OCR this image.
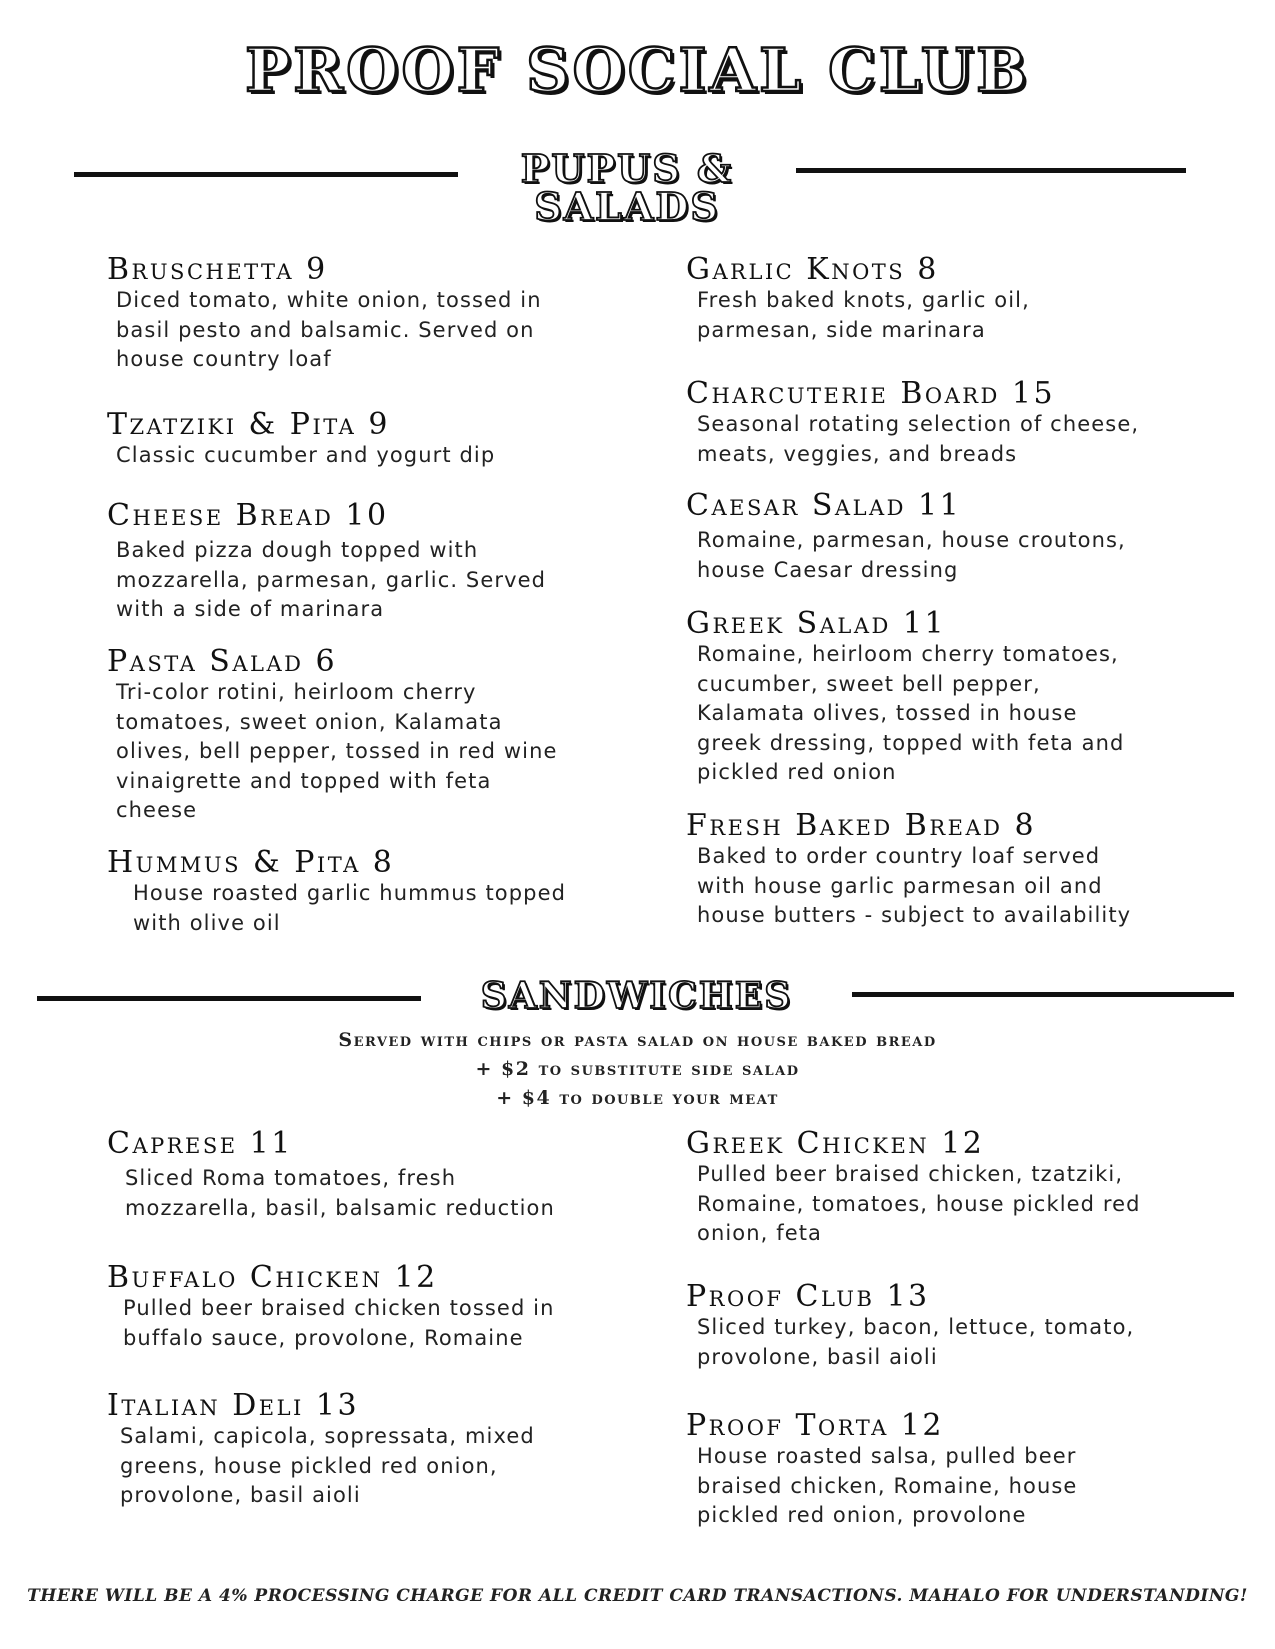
PROOF SOCIAL CLUB
PUPUS &
SALADS
Bruschetta 9
Diced tomato, white onion, tossed in
basil pesto and balsamic. Served on
house country loaf
Tzatziki & Pita 9
Classic cucumber and yogurt dip
Cheese Bread 10
Baked pizza dough topped with
mozzarella, parmesan, garlic. Served
with a side of marinara
Pasta Salad 6
Tri-color rotini, heirloom cherry
tomatoes, sweet onion, Kalamata
olives, bell pepper, tossed in red wine
vinaigrette and topped with feta
cheese
Hummus & Pita 8
House roasted garlic hummus topped
with olive oil
Garlic Knots 8
Fresh baked knots, garlic oil,
parmesan, side marinara
Charcuterie Board 15
Seasonal rotating selection of cheese,
meats, veggies, and breads
Caesar Salad 11
Romaine, parmesan, house croutons,
house Caesar dressing
Greek Salad 11
Romaine, heirloom cherry tomatoes,
cucumber, sweet bell pepper,
Kalamata olives, tossed in house
greek dressing, topped with feta and
pickled red onion
Fresh Baked Bread 8
Baked to order country loaf served
with house garlic parmesan oil and
house butters - subject to availability
SANDWICHES
Served with chips or pasta salad on house baked bread
+ $2 to substitute side salad
+ $4 to double your meat
Caprese 11
Sliced Roma tomatoes, fresh
mozzarella, basil, balsamic reduction
Buffalo Chicken 12
Pulled beer braised chicken tossed in
buffalo sauce, provolone, Romaine
Italian Deli 13
Salami, capicola, sopressata, mixed
greens, house pickled red onion,
provolone, basil aioli
Greek Chicken 12
Pulled beer braised chicken, tzatziki,
Romaine, tomatoes, house pickled red
onion, feta
Proof Club 13
Sliced turkey, bacon, lettuce, tomato,
provolone, basil aioli
Proof Torta 12
House roasted salsa, pulled beer
braised chicken, Romaine, house
pickled red onion, provolone
THERE WILL BE A 4% PROCESSING CHARGE FOR ALL CREDIT CARD TRANSACTIONS. MAHALO FOR UNDERSTANDING!
